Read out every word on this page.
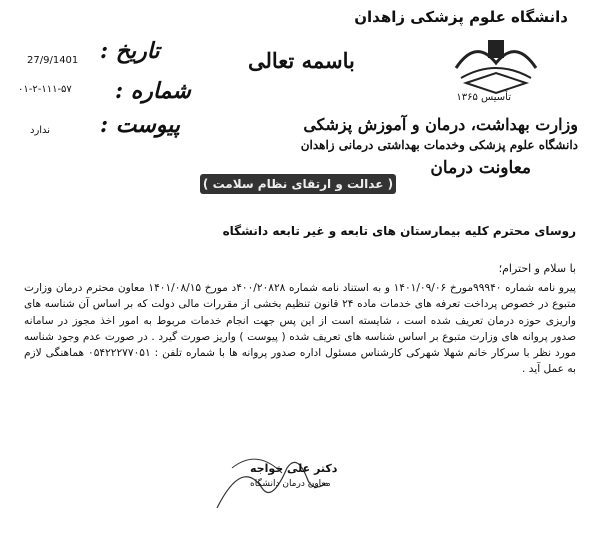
دانشگاه علوم پزشکی زاهدان
تأسیس ۱۳۶۵
وزارت بهداشت، درمان و آموزش پزشکی
دانشگاه علوم پزشکی وخدمات بهداشتی درمانی زاهدان
معاونت درمان
باسمه تعالی
تاریخ :
27/9/1401
شماره :
۰۱-۲-۱۱۱-۵۷
پیوست :
ندارد
( عدالت و ارتقای نظام سلامت )
روسای محترم کلیه بیمارستان های تابعه و غیر تابعه دانشگاه
با سلام و احترام؛
پیرو نامه شماره ۹۹۹۴۰مورخ ۱۴۰۱/۰۹/۰۶ و به استناد نامه شماره ۴۰۰/۲۰۸۲۸د مورخ ۱۴۰۱/۰۸/۱۵ معاون محترم درمان وزارت متبوع در خصوص پرداخت تعرفه های خدمات ماده ۲۴ قانون تنظیم بخشی از مقررات مالی دولت که بر اساس آن شناسه های واریزی حوزه درمان تعریف شده است ، شایسته است از این پس جهت انجام خدمات مربوط به امور اخذ مجوز در سامانه صدور پروانه های وزارت متبوع بر اساس شناسه های تعریف شده ( پیوست ) واریز صورت گیرد . در صورت عدم وجود شناسه مورد نظر با سرکار خانم شهلا شهرکی کارشناس مسئول اداره صدور پروانه ها با شماره تلفن : ۰۵۴۲۲۲۷۷۰۵۱ هماهنگی لازم به عمل آید .
دکتر علی خواجه
معاون درمان دانشگاه
